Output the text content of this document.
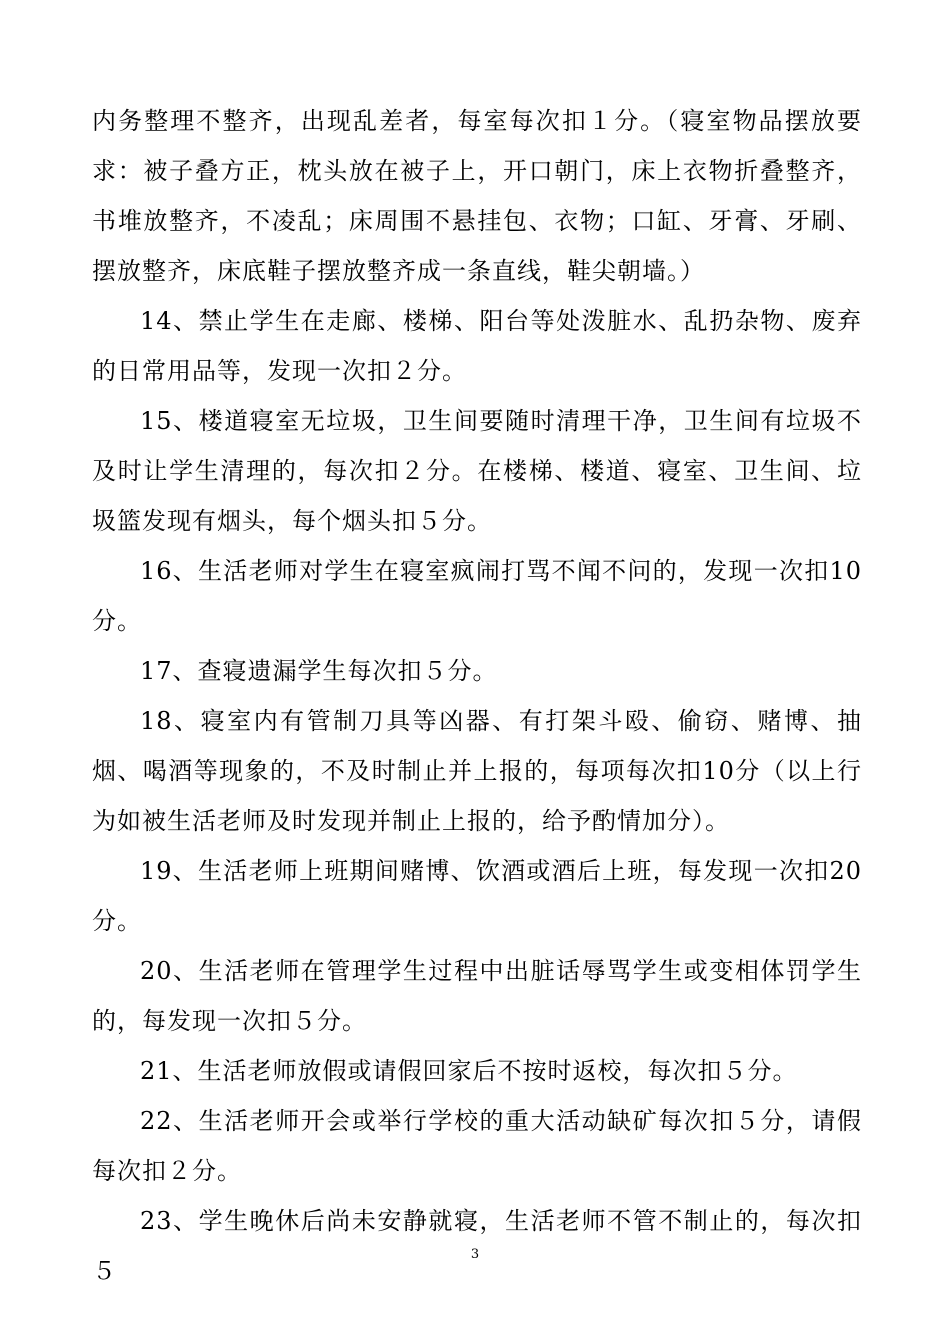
内务整理不整齐，出现乱差者，每室每次扣１分。（寝室物品摆放要求：被子叠方正，枕头放在被子上，开口朝门，床上衣物折叠整齐，书堆放整齐，不凌乱；床周围不悬挂包、衣物；口缸、牙膏、牙刷、摆放整齐，床底鞋子摆放整齐成一条直线，鞋尖朝墙。）

14、禁止学生在走廊、楼梯、阳台等处泼脏水、乱扔杂物、废弃的日常用品等，发现一次扣２分。

15、楼道寝室无垃圾，卫生间要随时清理干净，卫生间有垃圾不及时让学生清理的，每次扣２分。在楼梯、楼道、寝室、卫生间、垃圾篮发现有烟头，每个烟头扣５分。

16、生活老师对学生在寝室疯闹打骂不闻不问的，发现一次扣10分。

17、查寝遗漏学生每次扣５分。

18、寝室内有管制刀具等凶器、有打架斗殴、偷窃、赌博、抽烟、喝酒等现象的，不及时制止并上报的，每项每次扣10分（以上行为如被生活老师及时发现并制止上报的，给予酌情加分）。

19、生活老师上班期间赌博、饮酒或酒后上班，每发现一次扣20分。

20、生活老师在管理学生过程中出脏话辱骂学生或变相体罚学生的，每发现一次扣５分。

21、生活老师放假或请假回家后不按时返校，每次扣５分。

22、生活老师开会或举行学校的重大活动缺矿每次扣５分，请假每次扣２分。

23、学生晚休后尚未安静就寝，生活老师不管不制止的，每次扣５

3
